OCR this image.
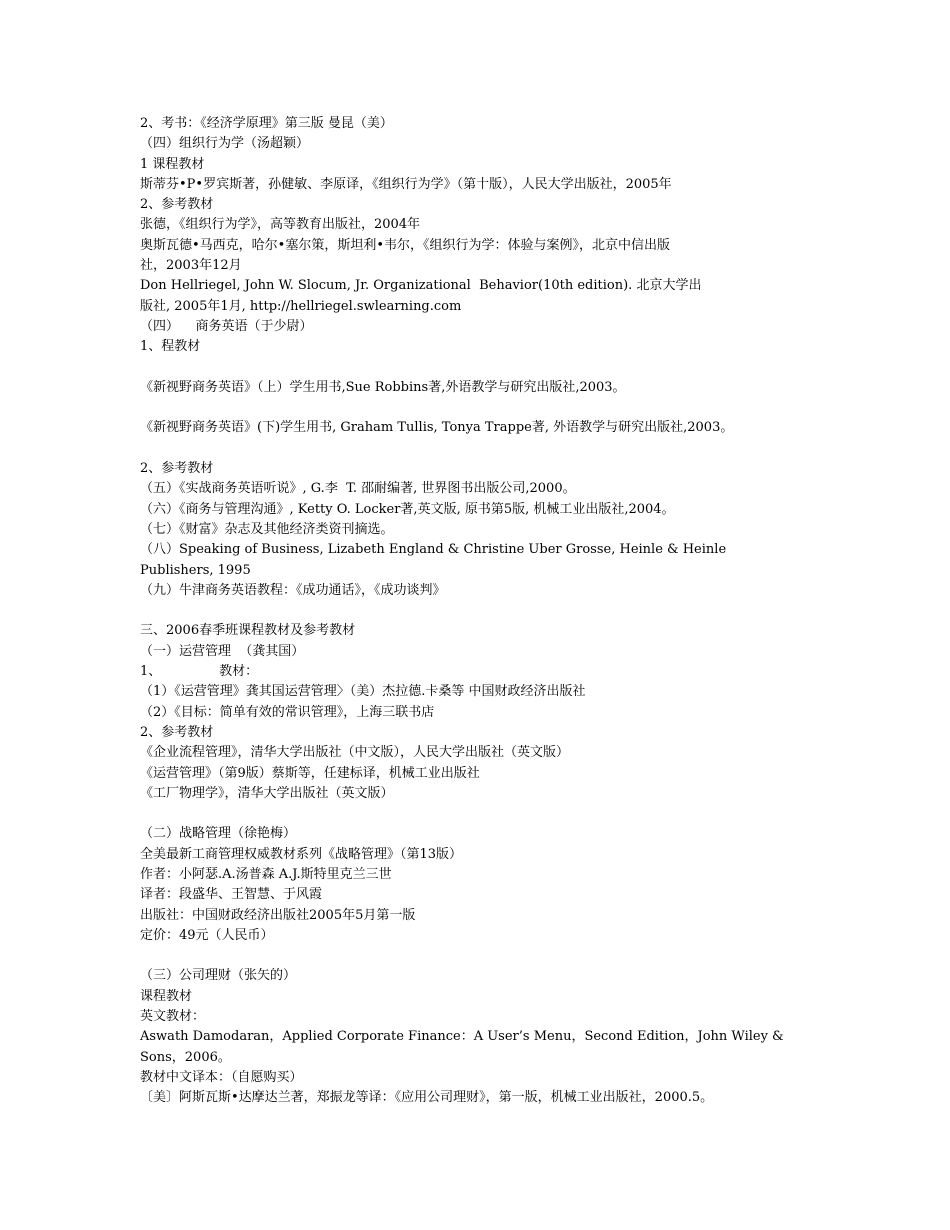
2、考书：《经济学原理》第三版 曼昆（美）
（四）组织行为学（汤超颖）
1 课程教材
斯蒂芬•P•罗宾斯著，孙健敏、李原译，《组织行为学》（第十版），人民大学出版社，2005年
2、参考教材
张德，《组织行为学》，高等教育出版社，2004年
奥斯瓦德•马西克，哈尔•塞尔策，斯坦利•韦尔，《组织行为学：体验与案例》，北京中信出版
社，2003年12月
Don Hellriegel, John W. Slocum, Jr. Organizational  Behavior(10th edition). 北京大学出
版社, 2005年1月, http://hellriegel.swlearning.com
（四）    商务英语（于少尉）
1、程教材
《新视野商务英语》（上）学生用书,Sue Robbins著,外语教学与研究出版社,2003。
《新视野商务英语》(下)学生用书, Graham Tullis, Tonya Trappe著, 外语教学与研究出版社,2003。
2、参考教材
（五）《实战商务英语听说》, G.李  T. 邵耐编著, 世界图书出版公司,2000。
（六）《商务与管理沟通》, Ketty O. Locker著,英文版, 原书第5版, 机械工业出版社,2004。
（七）《财富》杂志及其他经济类资刊摘选。
（八）Speaking of Business, Lizabeth England & Christine Uber Grosse, Heinle & Heinle
Publishers, 1995
（九）牛津商务英语教程：《成功通话》，《成功谈判》
三、2006春季班课程教材及参考教材
（一）运营管理  （龚其国）
1、              教材：
（1）《运营管理》龚其国运营管理〉（美）杰拉德.卡桑等 中国财政经济出版社
（2）《目标：简单有效的常识管理》，上海三联书店
2、参考教材
《企业流程管理》，清华大学出版社（中文版），人民大学出版社（英文版）
《运营管理》（第9版）蔡斯等，任建标译，机械工业出版社
《工厂物理学》，清华大学出版社（英文版）
（二）战略管理（徐艳梅）
全美最新工商管理权威教材系列《战略管理》（第13版）
作者：小阿瑟.A.汤普森 A.J.斯特里克兰三世
译者：段盛华、王智慧、于风霞
出版社：中国财政经济出版社2005年5月第一版
定价：49元（人民币）
（三）公司理财（张矢的）
课程教材
英文教材：
Aswath Damodaran，Applied Corporate Finance：A User’s Menu，Second Edition，John Wiley &
Sons，2006。
教材中文译本：（自愿购买）
〔美〕阿斯瓦斯•达摩达兰著，郑振龙等译：《应用公司理财》，第一版，机械工业出版社，2000.5。
